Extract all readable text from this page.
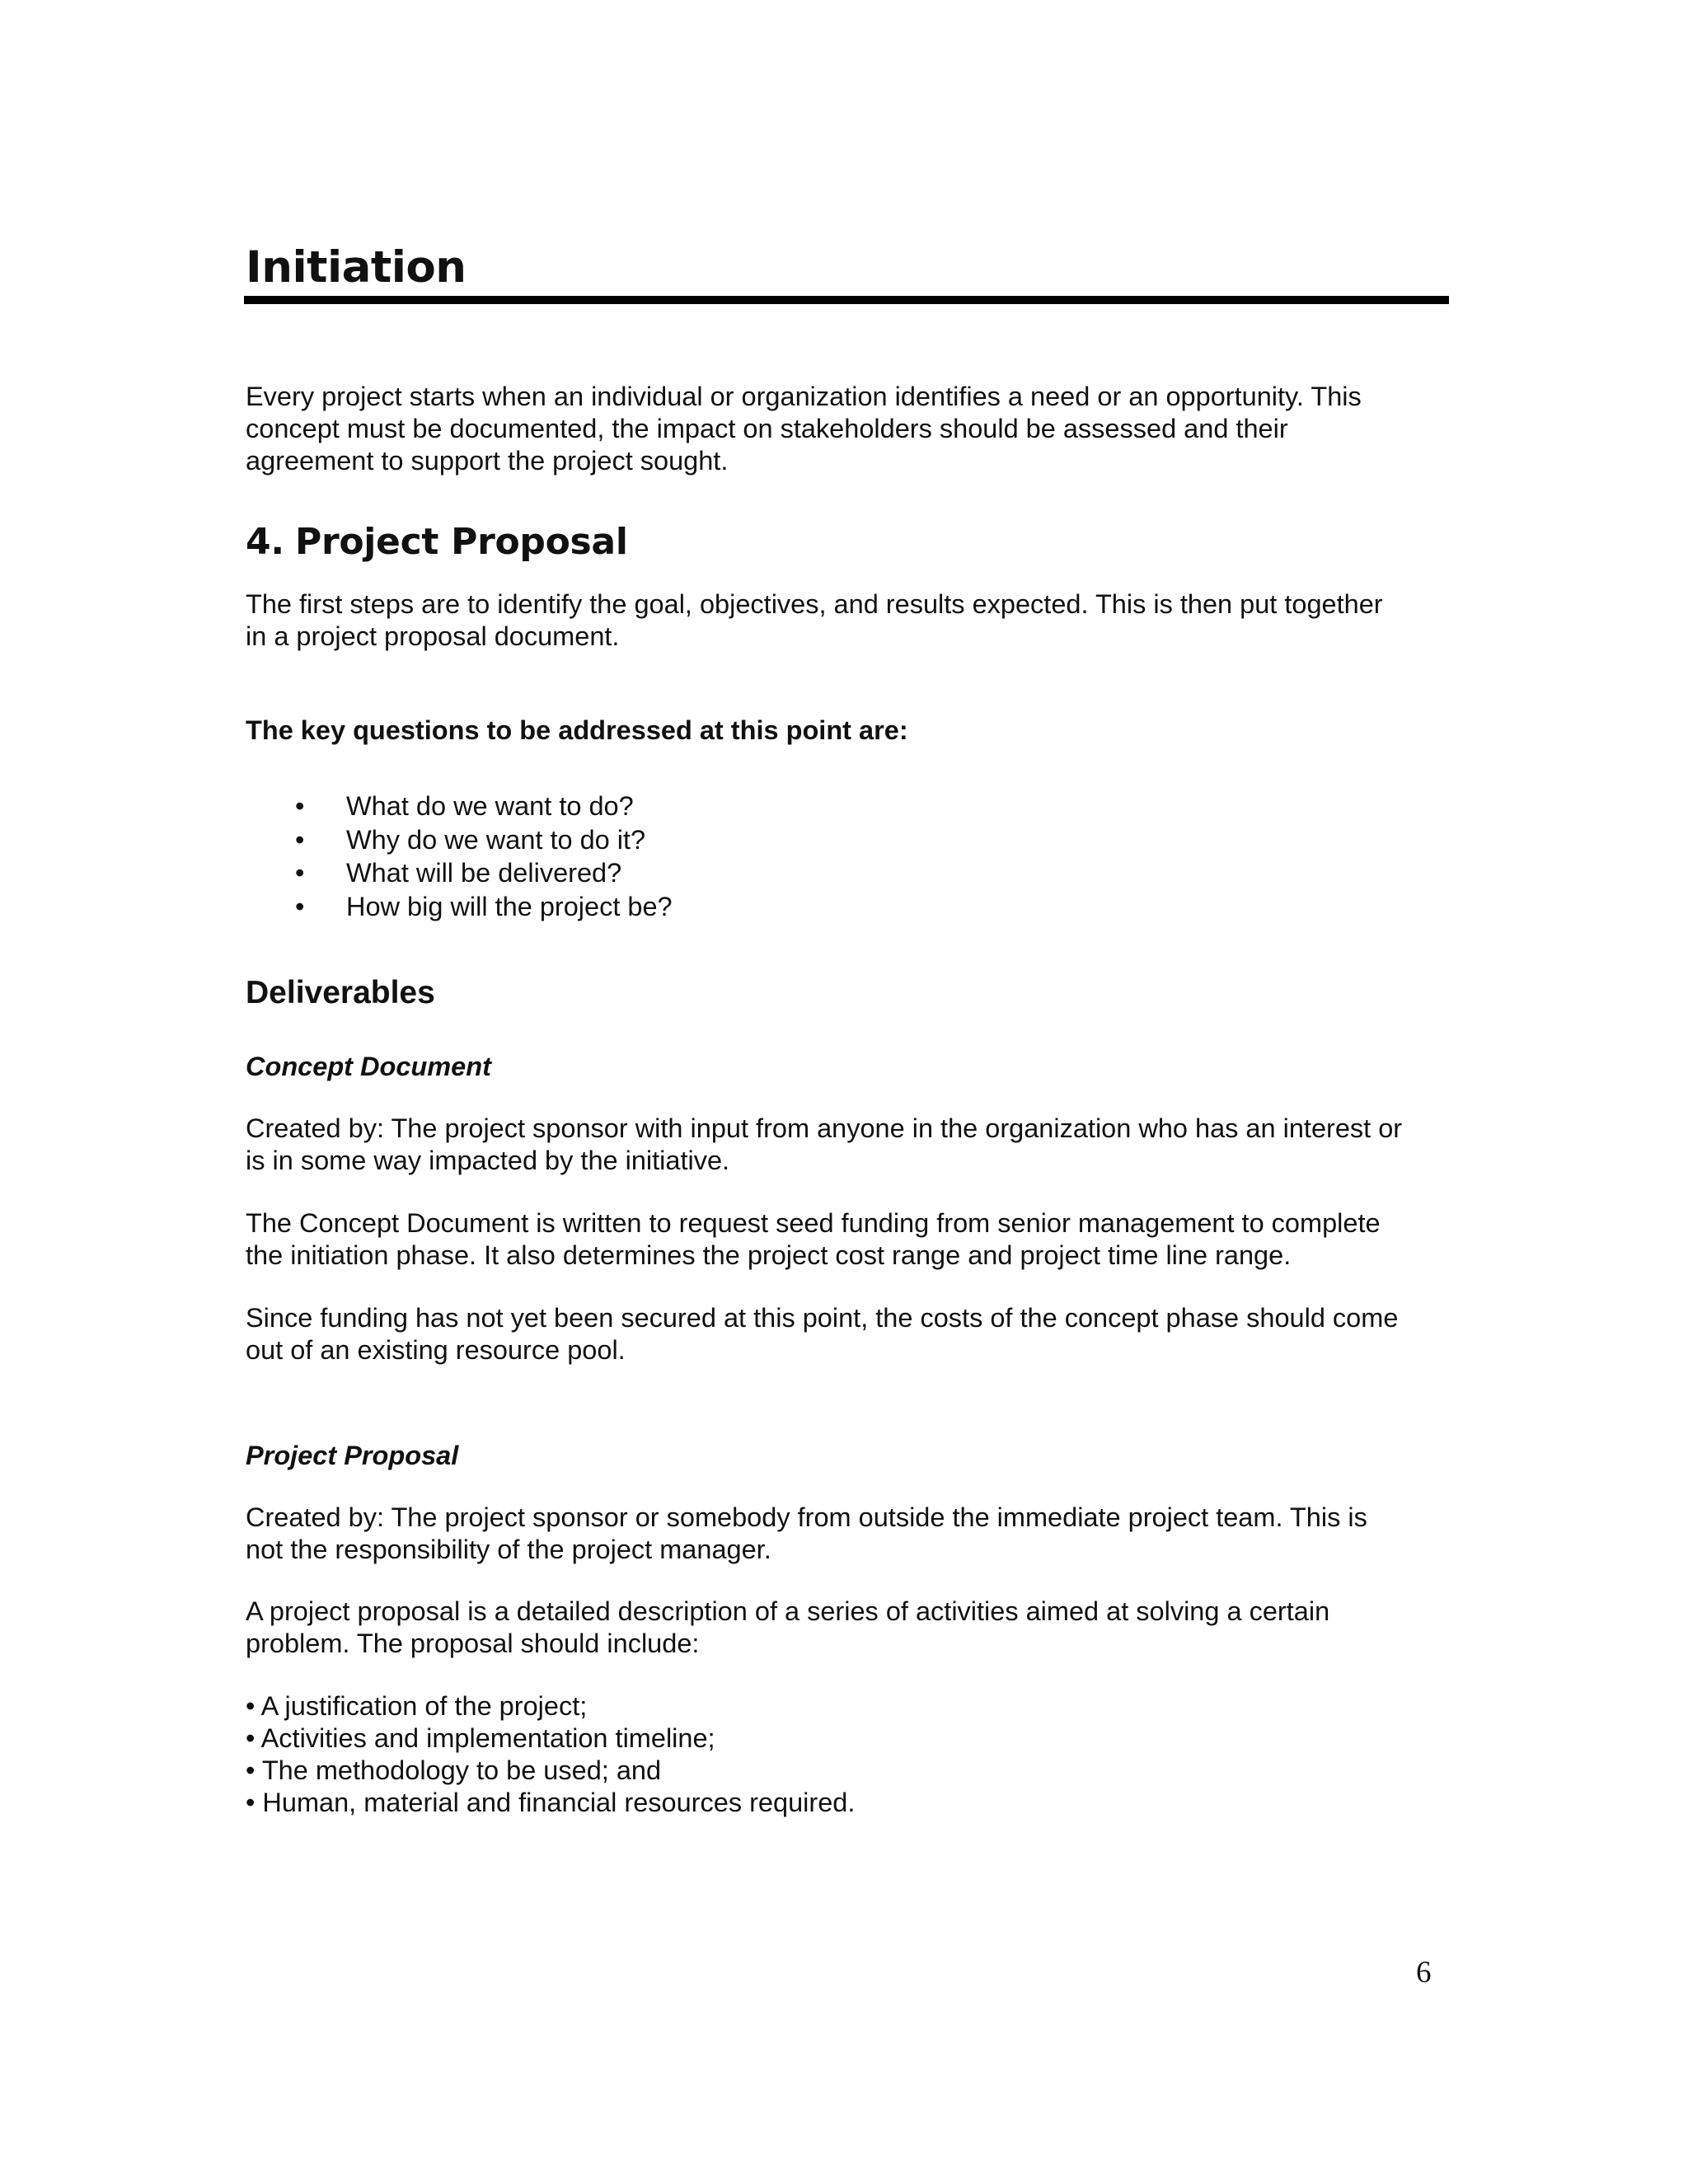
Initiation

Every project starts when an individual or organization identifies a need or an opportunity. This
concept must be documented, the impact on stakeholders should be assessed and their
agreement to support the project sought.

4. Project Proposal

The first steps are to identify the goal, objectives, and results expected. This is then put together
in a project proposal document.

The key questions to be addressed at this point are:

• What do we want to do?
• Why do we want to do it?
• What will be delivered?
• How big will the project be?
Deliverables
Concept Document

Created by: The project sponsor with input from anyone in the organization who has an interest or
is in some way impacted by the initiative.

The Concept Document is written to request seed funding from senior management to complete
the initiation phase. It also determines the project cost range and project time line range.

Since funding has not yet been secured at this point, the costs of the concept phase should come
out of an existing resource pool.

Project Proposal

Created by: The project sponsor or somebody from outside the immediate project team. This is
not the responsibility of the project manager.

A project proposal is a detailed description of a series of activities aimed at solving a certain
problem. The proposal should include:

• A justification of the project;
• Activities and implementation timeline;
• The methodology to be used; and
• Human, material and financial resources required.
6
